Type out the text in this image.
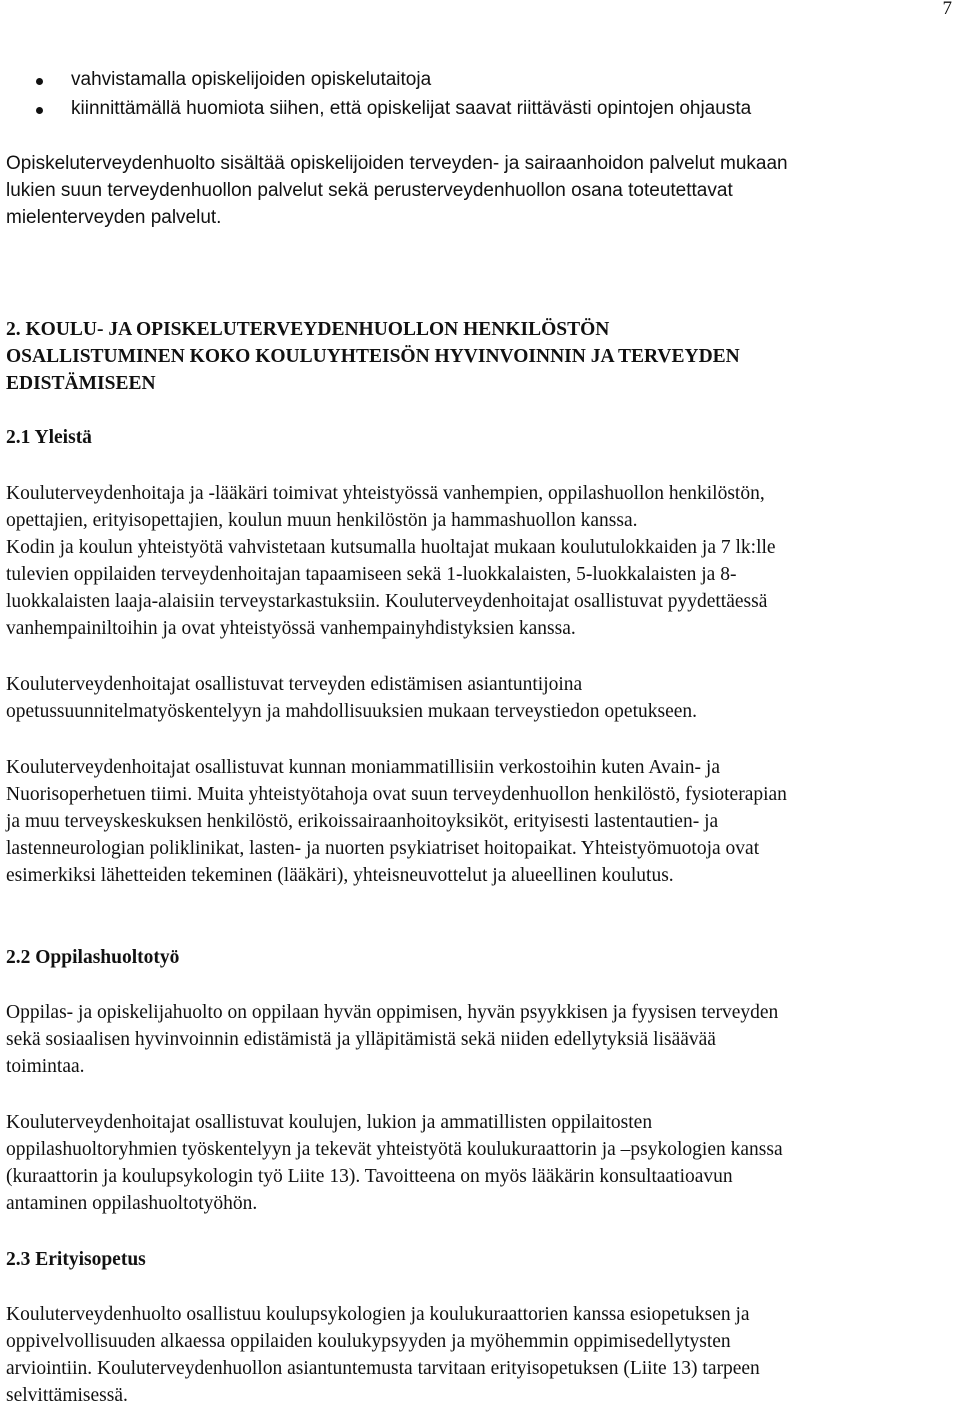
7
vahvistamalla opiskelijoiden opiskelutaitoja
kiinnittämällä huomiota siihen, että opiskelijat saavat riittävästi opintojen ohjausta

Opiskeluterveydenhuolto sisältää opiskelijoiden terveyden- ja sairaanhoidon palvelut mukaan

lukien suun terveydenhuollon palvelut sekä perusterveydenhuollon osana toteutettavat

mielenterveyden palvelut.

2. KOULU- JA OPISKELUTERVEYDENHUOLLON HENKILÖSTÖN

OSALLISTUMINEN KOKO KOULUYHTEISÖN HYVINVOINNIN JA TERVEYDEN

EDISTÄMISEEN

2.1 Yleistä

Kouluterveydenhoitaja ja -lääkäri toimivat yhteistyössä vanhempien, oppilashuollon henkilöstön,

opettajien, erityisopettajien, koulun muun henkilöstön ja hammashuollon kanssa.

Kodin ja koulun yhteistyötä vahvistetaan kutsumalla huoltajat mukaan koulutulokkaiden ja 7 lk:lle

tulevien oppilaiden terveydenhoitajan tapaamiseen sekä 1-luokkalaisten, 5-luokkalaisten ja 8-

luokkalaisten laaja-alaisiin terveystarkastuksiin. Kouluterveydenhoitajat osallistuvat pyydettäessä

vanhempainiltoihin ja ovat yhteistyössä vanhempainyhdistyksien kanssa.

Kouluterveydenhoitajat osallistuvat terveyden edistämisen asiantuntijoina

opetussuunnitelmatyöskentelyyn ja mahdollisuuksien mukaan terveystiedon opetukseen.

Kouluterveydenhoitajat osallistuvat kunnan moniammatillisiin verkostoihin kuten Avain- ja

Nuorisoperhetuen tiimi. Muita yhteistyötahoja ovat suun terveydenhuollon henkilöstö, fysioterapian

ja muu terveyskeskuksen henkilöstö, erikoissairaanhoitoyksiköt, erityisesti lastentautien- ja

lastenneurologian poliklinikat, lasten- ja nuorten psykiatriset hoitopaikat. Yhteistyömuotoja ovat

esimerkiksi lähetteiden tekeminen (lääkäri), yhteisneuvottelut ja alueellinen koulutus.

2.2 Oppilashuoltotyö

Oppilas- ja opiskelijahuolto on oppilaan hyvän oppimisen, hyvän psyykkisen ja fyysisen terveyden

sekä sosiaalisen hyvinvoinnin edistämistä ja ylläpitämistä sekä niiden edellytyksiä lisäävää

toimintaa.

Kouluterveydenhoitajat osallistuvat koulujen, lukion ja ammatillisten oppilaitosten

oppilashuoltoryhmien työskentelyyn ja tekevät yhteistyötä koulukuraattorin ja –psykologien kanssa

(kuraattorin ja koulupsykologin työ Liite 13). Tavoitteena on myös lääkärin konsultaatioavun

antaminen oppilashuoltotyöhön.

2.3 Erityisopetus

Kouluterveydenhuolto osallistuu koulupsykologien ja koulukuraattorien kanssa esiopetuksen ja

oppivelvollisuuden alkaessa oppilaiden koulukypsyyden ja myöhemmin oppimisedellytysten

arviointiin. Kouluterveydenhuollon asiantuntemusta tarvitaan erityisopetuksen (Liite 13) tarpeen

selvittämisessä.
